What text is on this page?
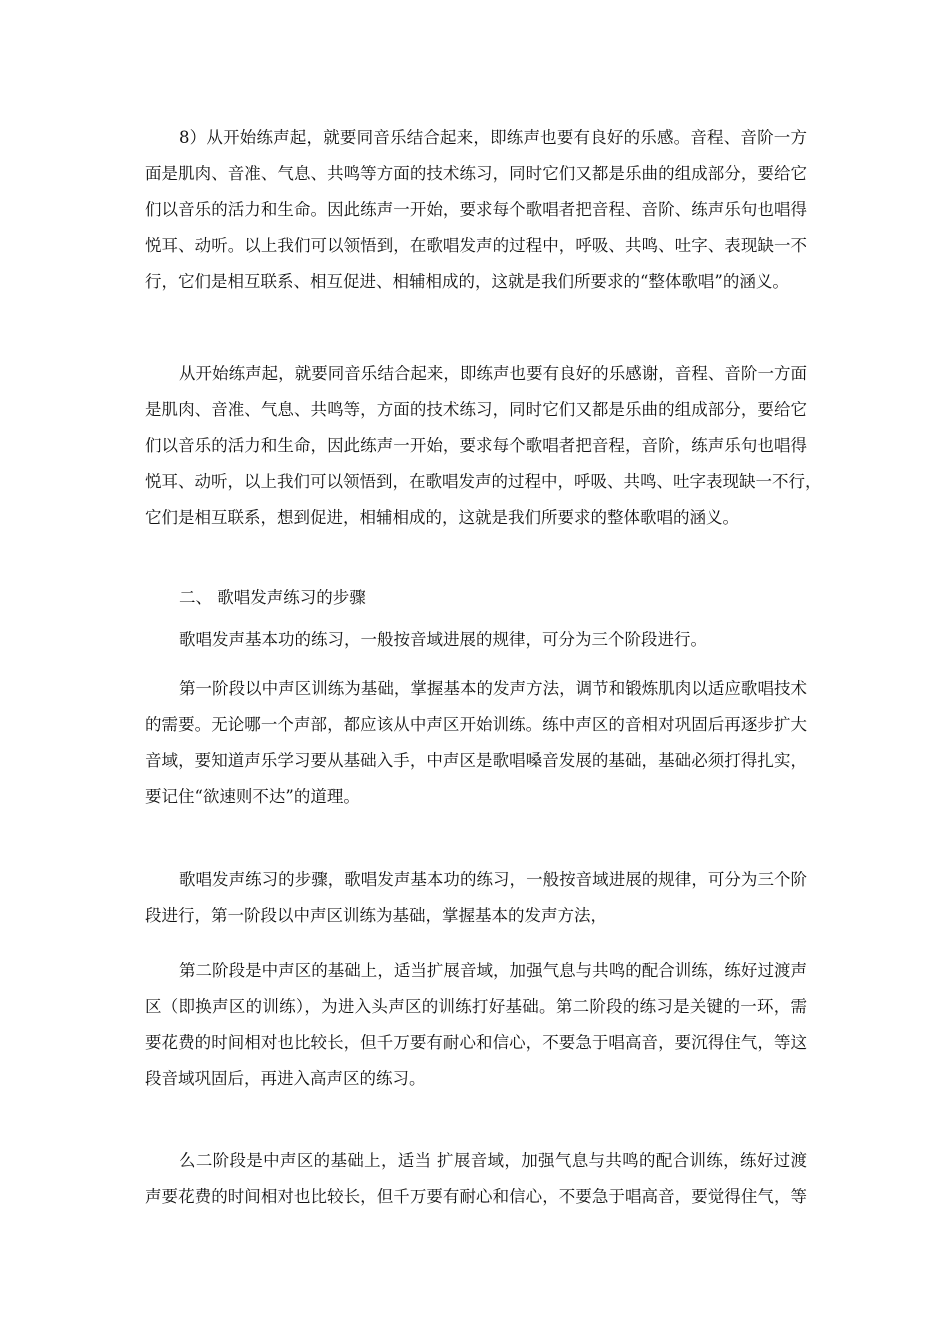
8）从开始练声起，就要同音乐结合起来，即练声也要有良好的乐感。音程、音阶一方
面是肌肉、音准、气息、共鸣等方面的技术练习，同时它们又都是乐曲的组成部分，要给它
们以音乐的活力和生命。因此练声一开始，要求每个歌唱者把音程、音阶、练声乐句也唱得
悦耳、动听。以上我们可以领悟到，在歌唱发声的过程中，呼吸、共鸣、吐字、表现缺一不
行，它们是相互联系、相互促进、相辅相成的，这就是我们所要求的“整体歌唱”的涵义。
从开始练声起，就要同音乐结合起来，即练声也要有良好的乐感谢，音程、音阶一方面
是肌肉、音准、气息、共鸣等，方面的技术练习，同时它们又都是乐曲的组成部分，要给它
们以音乐的活力和生命，因此练声一开始，要求每个歌唱者把音程，音阶，练声乐句也唱得
悦耳、动听，以上我们可以领悟到，在歌唱发声的过程中，呼吸、共鸣、吐字表现缺一不行，
它们是相互联系，想到促进，相辅相成的，这就是我们所要求的整体歌唱的涵义。
二、 歌唱发声练习的步骤
歌唱发声基本功的练习，一般按音域进展的规律，可分为三个阶段进行。
第一阶段以中声区训练为基础，掌握基本的发声方法，调节和锻炼肌肉以适应歌唱技术
的需要。无论哪一个声部，都应该从中声区开始训练。练中声区的音相对巩固后再逐步扩大
音域，要知道声乐学习要从基础入手，中声区是歌唱嗓音发展的基础，基础必须打得扎实，
要记住“欲速则不达”的道理。
歌唱发声练习的步骤，歌唱发声基本功的练习，一般按音域进展的规律，可分为三个阶
段进行，第一阶段以中声区训练为基础，掌握基本的发声方法，
第二阶段是中声区的基础上，适当扩展音域，加强气息与共鸣的配合训练，练好过渡声
区（即换声区的训练），为进入头声区的训练打好基础。第二阶段的练习是关键的一环，需
要花费的时间相对也比较长，但千万要有耐心和信心，不要急于唱高音，要沉得住气，等这
段音域巩固后，再进入高声区的练习。
么二阶段是中声区的基础上，适当 扩展音域，加强气息与共鸣的配合训练，练好过渡
声要花费的时间相对也比较长，但千万要有耐心和信心，不要急于唱高音，要觉得住气，等
